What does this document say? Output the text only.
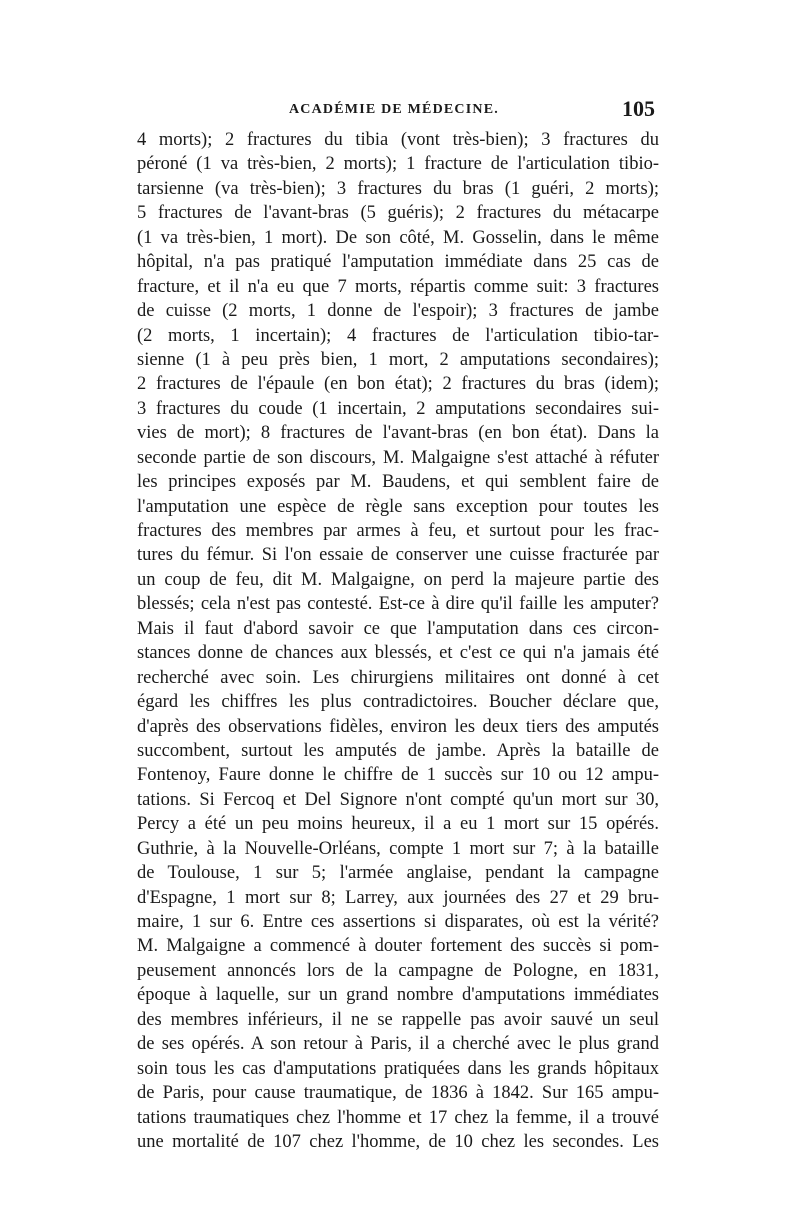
ACADÉMIE DE MÉDECINE.	105
4 morts); 2 fractures du tibia (vont très-bien); 3 fractures du
péroné (1 va très-bien, 2 morts); 1 fracture de l'articulation tibio-
tarsienne (va très-bien); 3 fractures du bras (1 guéri, 2 morts);
5 fractures de l'avant-bras (5 guéris); 2 fractures du métacarpe
(1 va très-bien, 1 mort). De son côté, M. Gosselin, dans le même
hôpital, n'a pas pratiqué l'amputation immédiate dans 25 cas de
fracture, et il n'a eu que 7 morts, répartis comme suit: 3 fractures
de cuisse (2 morts, 1 donne de l'espoir); 3 fractures de jambe
(2 morts, 1 incertain); 4 fractures de l'articulation tibio-tar-
sienne (1 à peu près bien, 1 mort, 2 amputations secondaires);
2 fractures de l'épaule (en bon état); 2 fractures du bras (idem);
3 fractures du coude (1 incertain, 2 amputations secondaires sui-
vies de mort); 8 fractures de l'avant-bras (en bon état). Dans la
seconde partie de son discours, M. Malgaigne s'est attaché à réfuter
les principes exposés par M. Baudens, et qui semblent faire de
l'amputation une espèce de règle sans exception pour toutes les
fractures des membres par armes à feu, et surtout pour les frac-
tures du fémur. Si l'on essaie de conserver une cuisse fracturée par
un coup de feu, dit M. Malgaigne, on perd la majeure partie des
blessés; cela n'est pas contesté. Est-ce à dire qu'il faille les amputer?
Mais il faut d'abord savoir ce que l'amputation dans ces circon-
stances donne de chances aux blessés, et c'est ce qui n'a jamais été
recherché avec soin. Les chirurgiens militaires ont donné à cet
égard les chiffres les plus contradictoires. Boucher déclare que,
d'après des observations fidèles, environ les deux tiers des amputés
succombent, surtout les amputés de jambe. Après la bataille de
Fontenoy, Faure donne le chiffre de 1 succès sur 10 ou 12 ampu-
tations. Si Fercoq et Del Signore n'ont compté qu'un mort sur 30,
Percy a été un peu moins heureux, il a eu 1 mort sur 15 opérés.
Guthrie, à la Nouvelle-Orléans, compte 1 mort sur 7; à la bataille
de Toulouse, 1 sur 5; l'armée anglaise, pendant la campagne
d'Espagne, 1 mort sur 8; Larrey, aux journées des 27 et 29 bru-
maire, 1 sur 6. Entre ces assertions si disparates, où est la vérité?
M. Malgaigne a commencé à douter fortement des succès si pom-
peusement annoncés lors de la campagne de Pologne, en 1831,
époque à laquelle, sur un grand nombre d'amputations immédiates
des membres inférieurs, il ne se rappelle pas avoir sauvé un seul
de ses opérés. A son retour à Paris, il a cherché avec le plus grand
soin tous les cas d'amputations pratiquées dans les grands hôpitaux
de Paris, pour cause traumatique, de 1836 à 1842. Sur 165 ampu-
tations traumatiques chez l'homme et 17 chez la femme, il a trouvé
une mortalité de 107 chez l'homme, de 10 chez les secondes. Les
